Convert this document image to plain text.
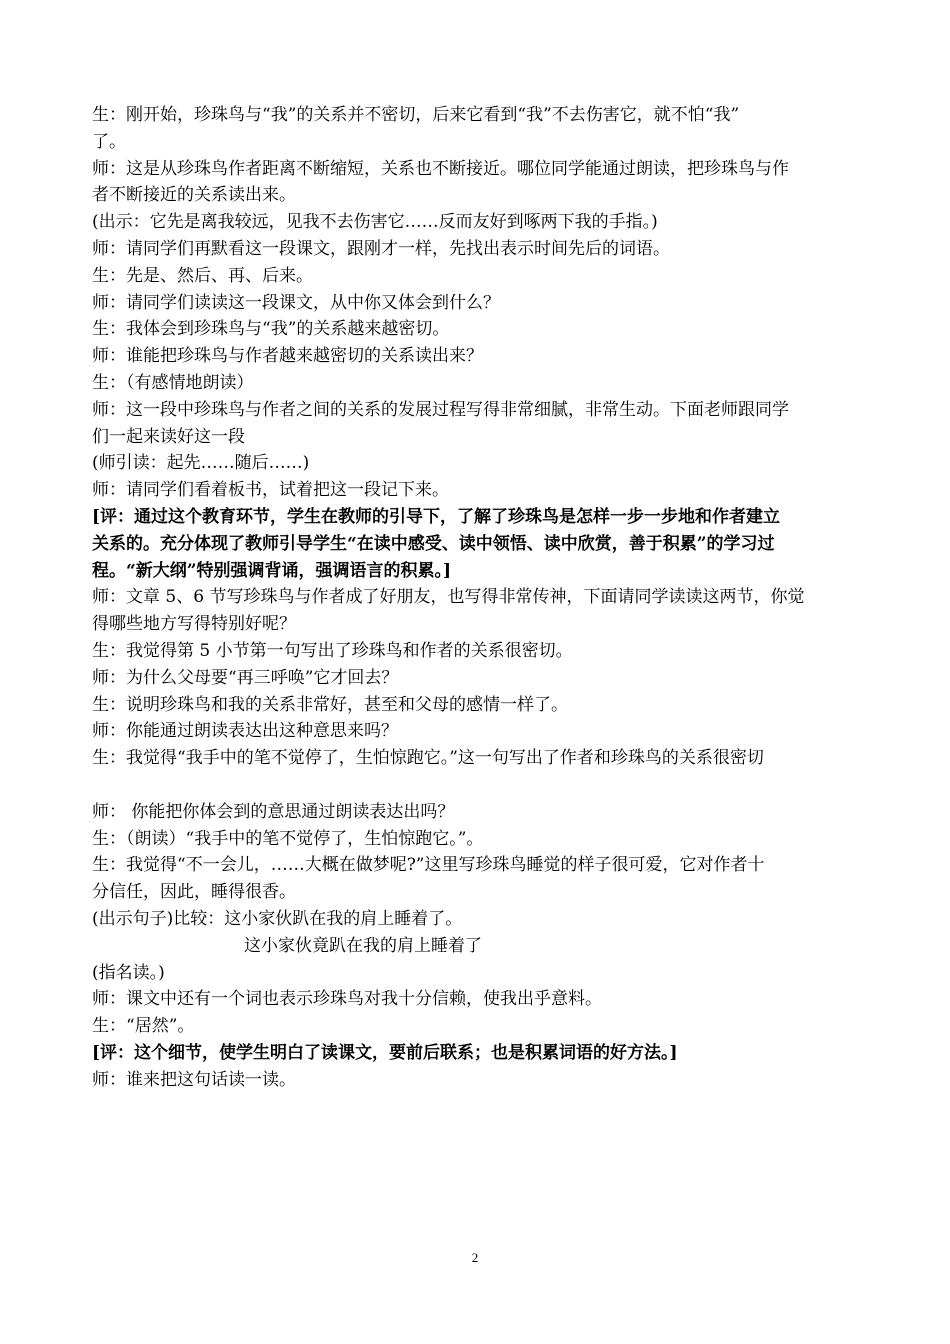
生：刚开始，珍珠鸟与“我”的关系并不密切，后来它看到“我”不去伤害它，就不怕“我”

了。

师：这是从珍珠鸟作者距离不断缩短，关系也不断接近。哪位同学能通过朗读，把珍珠鸟与作

者不断接近的关系读出来。

(出示：它先是离我较远，见我不去伤害它……反而友好到啄两下我的手指。)

师：请同学们再默看这一段课文，跟刚才一样，先找出表示时间先后的词语。

生：先是、然后、再、后来。

师：请同学们读读这一段课文，从中你又体会到什么？

生：我体会到珍珠鸟与“我”的关系越来越密切。

师：谁能把珍珠鸟与作者越来越密切的关系读出来？

生：（有感情地朗读）

师：这一段中珍珠鸟与作者之间的关系的发展过程写得非常细腻，非常生动。下面老师跟同学

们一起来读好这一段

(师引读：起先……随后……)

师：请同学们看着板书，试着把这一段记下来。

[评：通过这个教育环节，学生在教师的引导下，了解了珍珠鸟是怎样一步一步地和作者建立

关系的。充分体现了教师引导学生“在读中感受、读中领悟、读中欣赏，善于积累”的学习过

程。“新大纲”特别强调背诵，强调语言的积累。]

师：文章 5、6 节写珍珠鸟与作者成了好朋友，也写得非常传神，下面请同学读读这两节，你觉

得哪些地方写得特别好呢？

生：我觉得第 5 小节第一句写出了珍珠鸟和作者的关系很密切。

师：为什么父母要“再三呼唤”它才回去？

生：说明珍珠鸟和我的关系非常好，甚至和父母的感情一样了。

师：你能通过朗读表达出这种意思来吗？

生：我觉得“我手中的笔不觉停了，生怕惊跑它。”这一句写出了作者和珍珠鸟的关系很密切

师： 你能把你体会到的意思通过朗读表达出吗？

生：（朗读）“我手中的笔不觉停了，生怕惊跑它。”。

生：我觉得“不一会儿，……大概在做梦呢?”这里写珍珠鸟睡觉的样子很可爱，它对作者十

分信任，因此，睡得很香。

(出示句子)比较：这小家伙趴在我的肩上睡着了。

这小家伙竟趴在我的肩上睡着了

(指名读。)

师：课文中还有一个词也表示珍珠鸟对我十分信赖，使我出乎意料。

生：“居然”。

[评：这个细节，使学生明白了读课文，要前后联系；也是积累词语的好方法。]

师：谁来把这句话读一读。

2
